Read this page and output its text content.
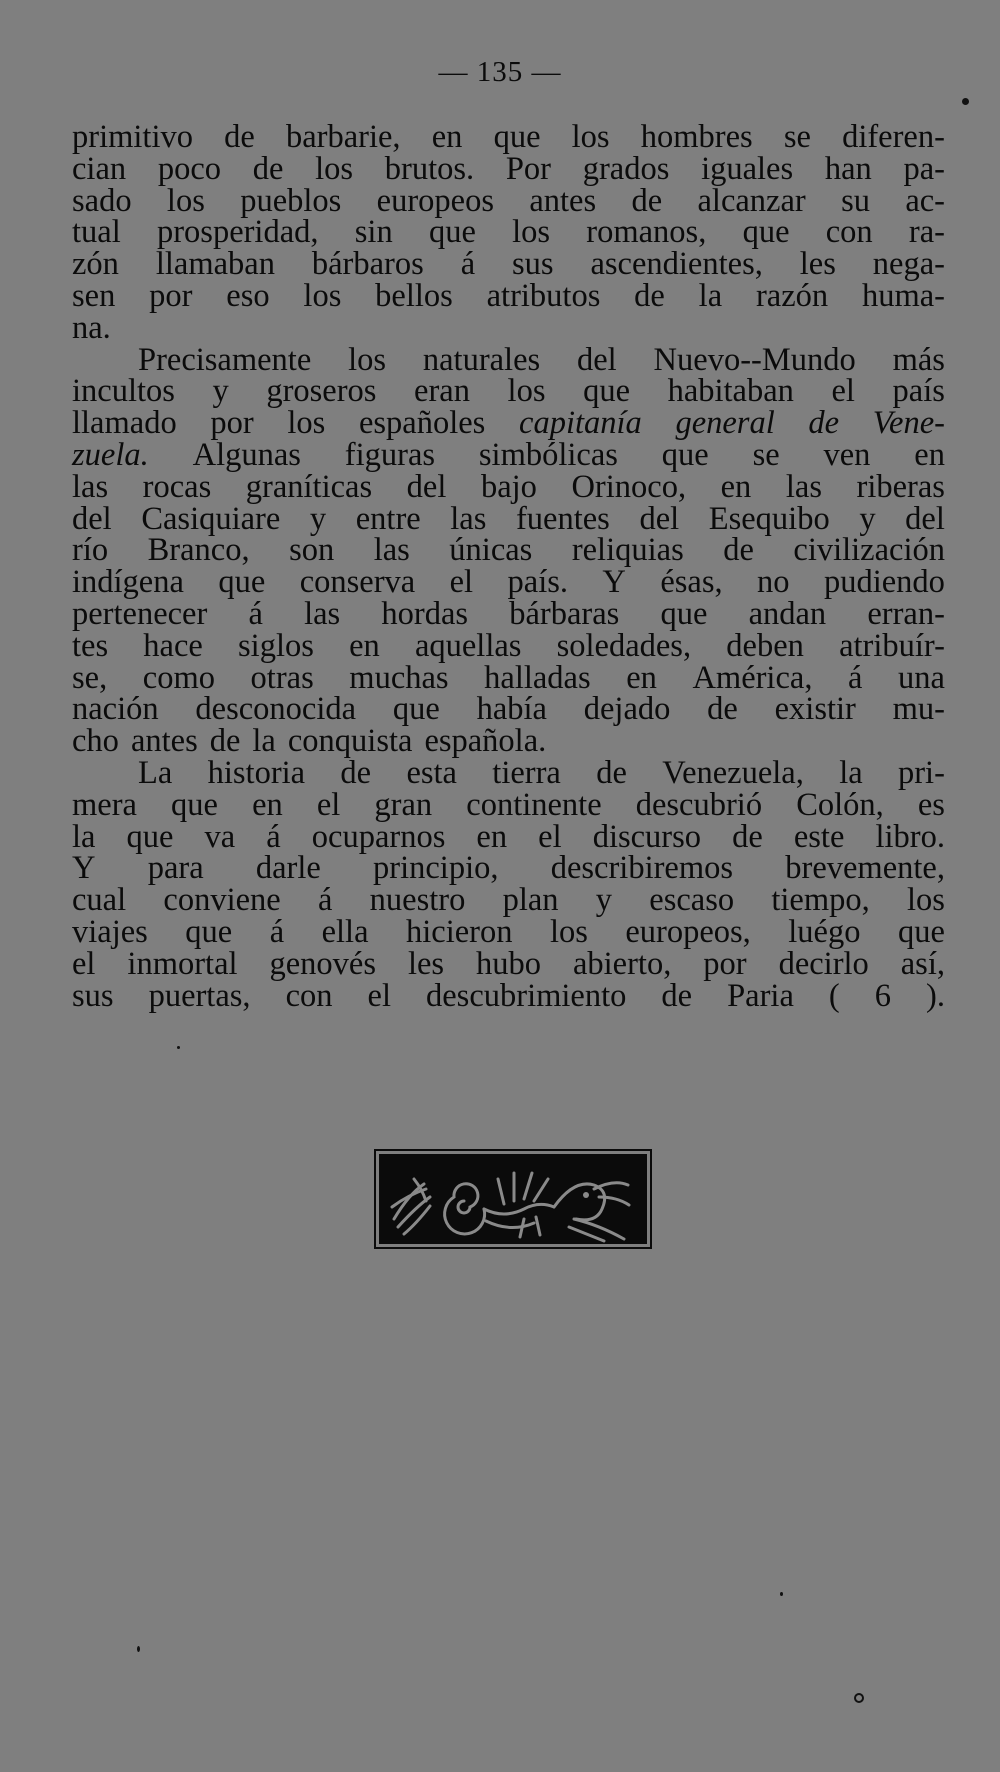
— 135 —
primitivo de barbarie, en que los hombres se diferen-
cian poco de los brutos. Por grados iguales han pa-
sado los pueblos europeos antes de alcanzar su ac-
tual prosperidad, sin que los romanos, que con ra-
zón llamaban bárbaros á sus ascendientes, les nega-
sen por eso los bellos atributos de la razón huma-
na.
Precisamente los naturales del Nuevo--Mundo más
incultos y groseros eran los que habitaban el país
llamado por los españoles capitanía general de Vene-
zuela. Algunas figuras simbólicas que se ven en
las rocas graníticas del bajo Orinoco, en las riberas
del Casiquiare y entre las fuentes del Esequibo y del
río Branco, son las únicas reliquias de civilización
indígena que conserva el país. Y ésas, no pudiendo
pertenecer á las hordas bárbaras que andan erran-
tes hace siglos en aquellas soledades, deben atribuír-
se, como otras muchas halladas en América, á una
nación desconocida que había dejado de existir mu-
cho antes de la conquista española.
La historia de esta tierra de Venezuela, la pri-
mera que en el gran continente descubrió Colón, es
la que va á ocuparnos en el discurso de este libro.
Y para darle principio, describiremos brevemente,
cual conviene á nuestro plan y escaso tiempo, los
viajes que á ella hicieron los europeos, luégo que
el inmortal genovés les hubo abierto, por decirlo así,
sus puertas, con el descubrimiento de Paria ( 6 ).
